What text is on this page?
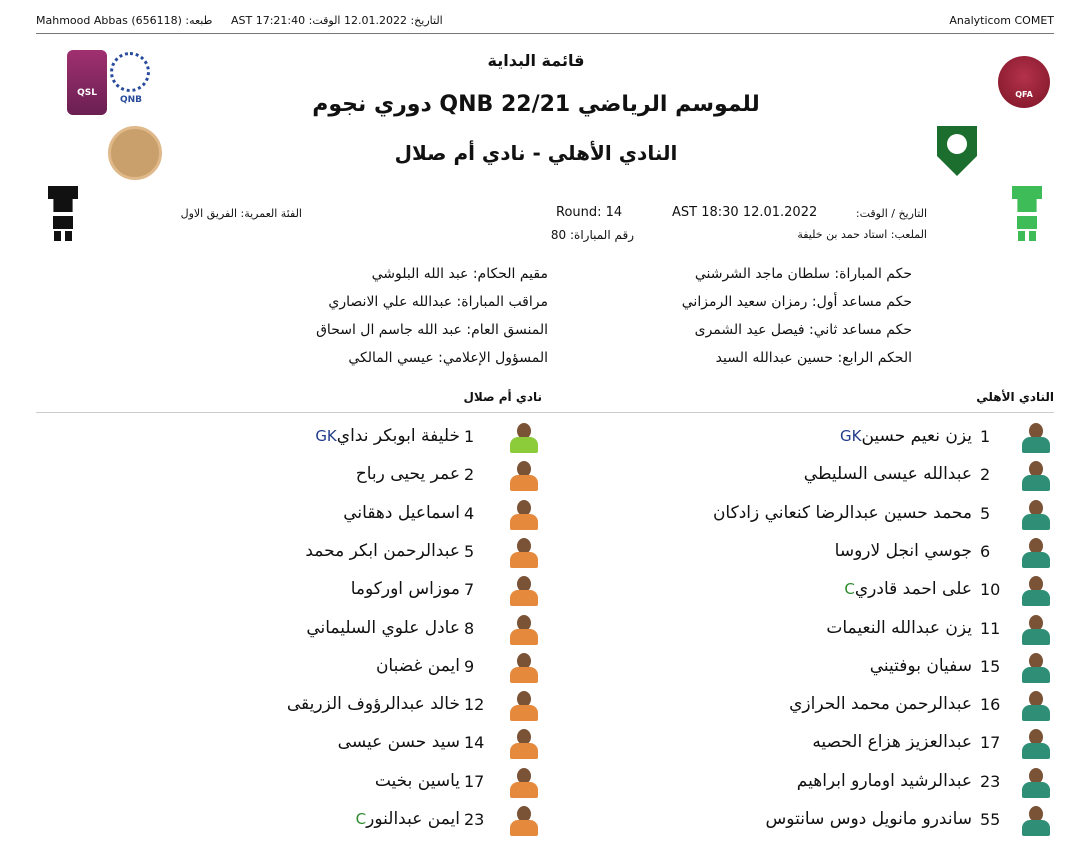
طبعه: (Mahmood Abbas (656118 التاريخ: 12.01.2022 الوقت: AST 17:21:40	Analyticom COMET
QSL
QNB
QFA
قائمة البداية
دوري نجوم QNB للموسم الرياضي 22/21
النادي الأهلي - نادي أم صلال
التاريخ / الوقت:
AST 18:30 12.01.2022
الملعب: استاد حمد بن خليفة
Round: 14
رقم المباراة: 80
الفئة العمرية: الفريق الاول
حكم المباراة: سلطان ماجد الشرشني
حكم مساعد أول: رمزان سعيد الرمزاني
حكم مساعد ثاني: فيصل عيد الشمرى
الحكم الرابع: حسين عبدالله السيد
مقيم الحكام: عبد الله البلوشي
مراقب المباراة: عبدالله علي الانصاري
المنسق العام: عبد الله جاسم ال اسحاق
المسؤول الإعلامي: عيسي المالكي
النادي الأهلي
نادي أم صلال
1
يزن نعيم حسينGK
2
عبدالله عيسى السليطي
5
محمد حسين عبدالرضا كنعاني زادكان
6
جوسي انجل لاروسا
10
على احمد قادريC
11
يزن عبدالله النعيمات
15
سفيان بوفتيني
16
عبدالرحمن محمد الحرازي
17
عبدالعزيز هزاع الحصيه
23
عبدالرشيد اومارو ابراهيم
55
ساندرو مانويل دوس سانتوس
1
خليفة ابوبكر ندايGK
2
عمر يحيى رباح
4
اسماعيل دهقاني
5
عبدالرحمن ابكر محمد
7
موزاس اوركوما
8
عادل علوي السليماني
9
ايمن غضبان
12
خالد عبدالرؤوف الزريقى
14
سيد حسن عيسى
17
ياسين بخيت
23
ايمن عبدالنورC
